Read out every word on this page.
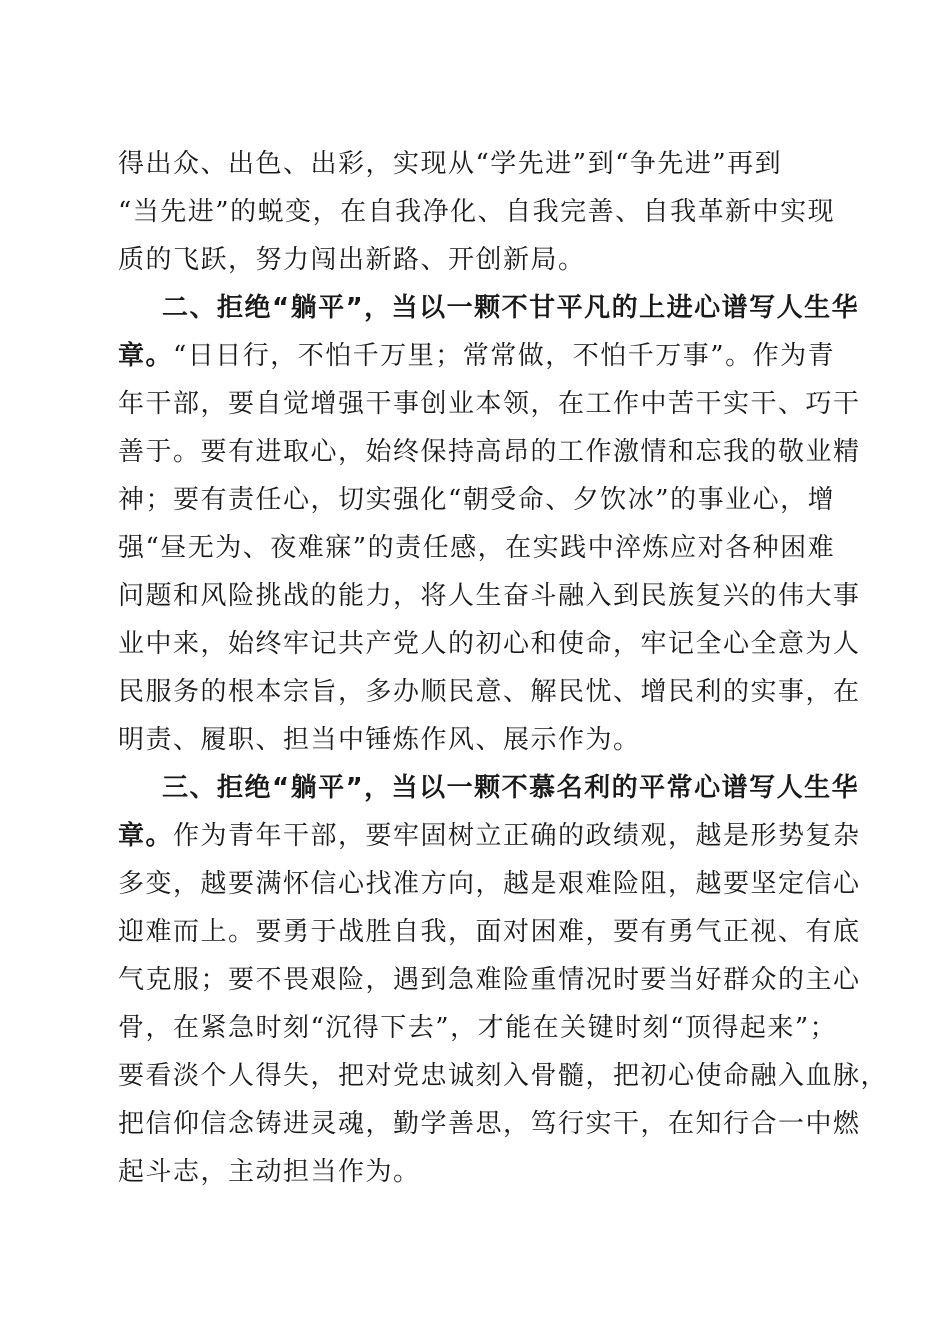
得出众、出色、出彩，实现从“学先进”到“争先进”再到
“当先进”的蜕变，在自我净化、自我完善、自我革新中实现
质的飞跃，努力闯出新路、开创新局。
二、拒绝“躺平”，当以一颗不甘平凡的上进心谱写人生华
章。“日日行，不怕千万里；常常做，不怕千万事”。作为青
年干部，要自觉增强干事创业本领，在工作中苦干实干、巧干
善于。要有进取心，始终保持高昂的工作激情和忘我的敬业精
神；要有责任心，切实强化“朝受命、夕饮冰”的事业心，增
强“昼无为、夜难寐”的责任感，在实践中淬炼应对各种困难
问题和风险挑战的能力，将人生奋斗融入到民族复兴的伟大事
业中来，始终牢记共产党人的初心和使命，牢记全心全意为人
民服务的根本宗旨，多办顺民意、解民忧、增民利的实事，在
明责、履职、担当中锤炼作风、展示作为。
三、拒绝“躺平”，当以一颗不慕名利的平常心谱写人生华
章。作为青年干部，要牢固树立正确的政绩观，越是形势复杂
多变，越要满怀信心找准方向，越是艰难险阻，越要坚定信心
迎难而上。要勇于战胜自我，面对困难，要有勇气正视、有底
气克服；要不畏艰险，遇到急难险重情况时要当好群众的主心
骨，在紧急时刻“沉得下去”，才能在关键时刻“顶得起来”；
要看淡个人得失，把对党忠诚刻入骨髓，把初心使命融入血脉，
把信仰信念铸进灵魂，勤学善思，笃行实干，在知行合一中燃
起斗志，主动担当作为。
